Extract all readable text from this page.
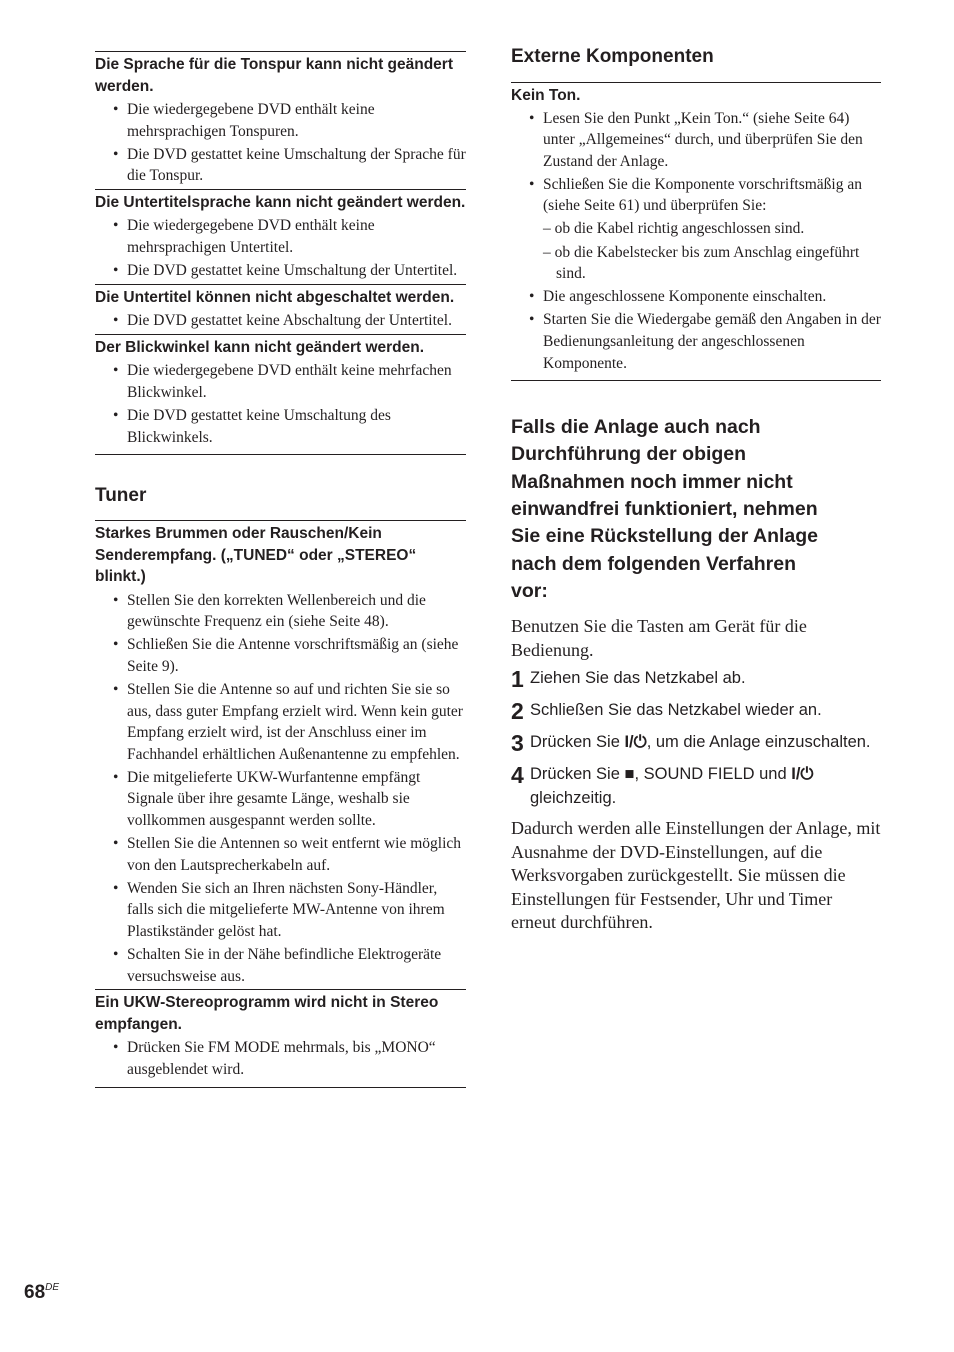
Die Sprache für die Tonspur kann nicht geändert werden.

• Die wiedergegebene DVD enthält keine mehrsprachigen Tonspuren.
• Die DVD gestattet keine Umschaltung der Sprache für die Tonspur.

Die Untertitelsprache kann nicht geändert werden.

• Die wiedergegebene DVD enthält keine mehrsprachigen Untertitel.
• Die DVD gestattet keine Umschaltung der Untertitel.

Die Untertitel können nicht abgeschaltet werden.

• Die DVD gestattet keine Abschaltung der Untertitel.

Der Blickwinkel kann nicht geändert werden.

• Die wiedergegebene DVD enthält keine mehrfachen Blickwinkel.
• Die DVD gestattet keine Umschaltung des Blickwinkels.
Tuner

Starkes Brummen oder Rauschen/Kein Senderempfang. („TUNED“ oder „STEREO“ blinkt.)

• Stellen Sie den korrekten Wellenbereich und die gewünschte Frequenz ein (siehe Seite 48).
• Schließen Sie die Antenne vorschriftsmäßig an (siehe Seite 9).
• Stellen Sie die Antenne so auf und richten Sie sie so aus, dass guter Empfang erzielt wird. Wenn kein guter Empfang erzielt wird, ist der Anschluss einer im Fachhandel erhältlichen Außenantenne zu empfehlen.
• Die mitgelieferte UKW-Wurfantenne empfängt Signale über ihre gesamte Länge, weshalb sie vollkommen ausgespannt werden sollte.
• Stellen Sie die Antennen so weit entfernt wie möglich von den Lautsprecherkabeln auf.
• Wenden Sie sich an Ihren nächsten Sony-Händler, falls sich die mitgelieferte MW-Antenne von ihrem Plastikständer gelöst hat.
• Schalten Sie in der Nähe befindliche Elektrogeräte versuchsweise aus.

Ein UKW-Stereoprogramm wird nicht in Stereo empfangen.

• Drücken Sie FM MODE mehrmals, bis „MONO“ ausgeblendet wird.
Externe Komponenten

Kein Ton.

• Lesen Sie den Punkt „Kein Ton.“ (siehe Seite 64) unter „Allgemeines“ durch, und überprüfen Sie den Zustand der Anlage.
• Schließen Sie die Komponente vorschriftsmäßig an (siehe Seite 61) und überprüfen Sie:
– ob die Kabel richtig angeschlossen sind.
– ob die Kabelstecker bis zum Anschlag eingeführt sind.
• Die angeschlossene Komponente einschalten.
• Starten Sie die Wiedergabe gemäß den Angaben in der Bedienungsanleitung der angeschlossenen Komponente.
Falls die Anlage auch nach
Durchführung der obigen
Maßnahmen noch immer nicht
einwandfrei funktioniert, nehmen
Sie eine Rückstellung der Anlage
nach dem folgenden Verfahren
vor:

Benutzen Sie die Tasten am Gerät für die Bedienung.

1 Ziehen Sie das Netzkabel ab.
2 Schließen Sie das Netzkabel wieder an.
3 Drücken Sie I/⏻, um die Anlage einzuschalten.
4 Drücken Sie ■, SOUND FIELD und I/⏻ gleichzeitig.

Dadurch werden alle Einstellungen der Anlage, mit Ausnahme der DVD-Einstellungen, auf die Werksvorgaben zurückgestellt. Sie müssen die Einstellungen für Festsender, Uhr und Timer erneut durchführen.

68DE
